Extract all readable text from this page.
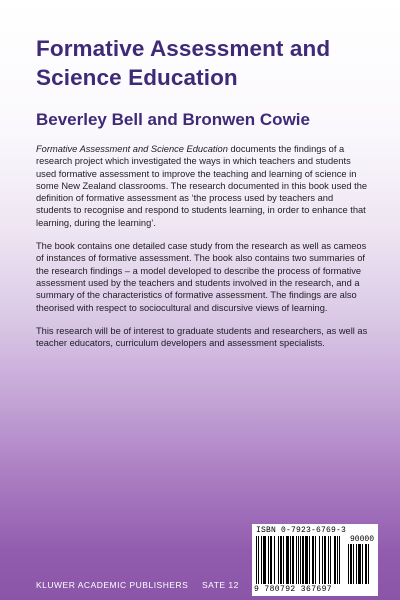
Formative Assessment and Science Education
Beverley Bell and Bronwen Cowie

Formative Assessment and Science Education documents the findings of a research project which investigated the ways in which teachers and students used formative assessment to improve the teaching and learning of science in some New Zealand classrooms. The research documented in this book used the definition of formative assessment as ‘the process used by teachers and students to recognise and respond to students learning, in order to enhance that learning, during the learning’.

The book contains one detailed case study from the research as well as cameos of instances of formative assessment. The book also contains two summaries of the research findings – a model developed to describe the process of formative assessment used by the teachers and students involved in the research, and a summary of the characteristics of formative assessment. The findings are also theorised with respect to sociocultural and discursive views of learning.

This research will be of interest to graduate students and researchers, as well as teacher educators, curriculum developers and assessment specialists.

KLUWER ACADEMIC PUBLISHERS SATE 12
ISBN 0-7923-6769-3
90000
9 780792 367697
